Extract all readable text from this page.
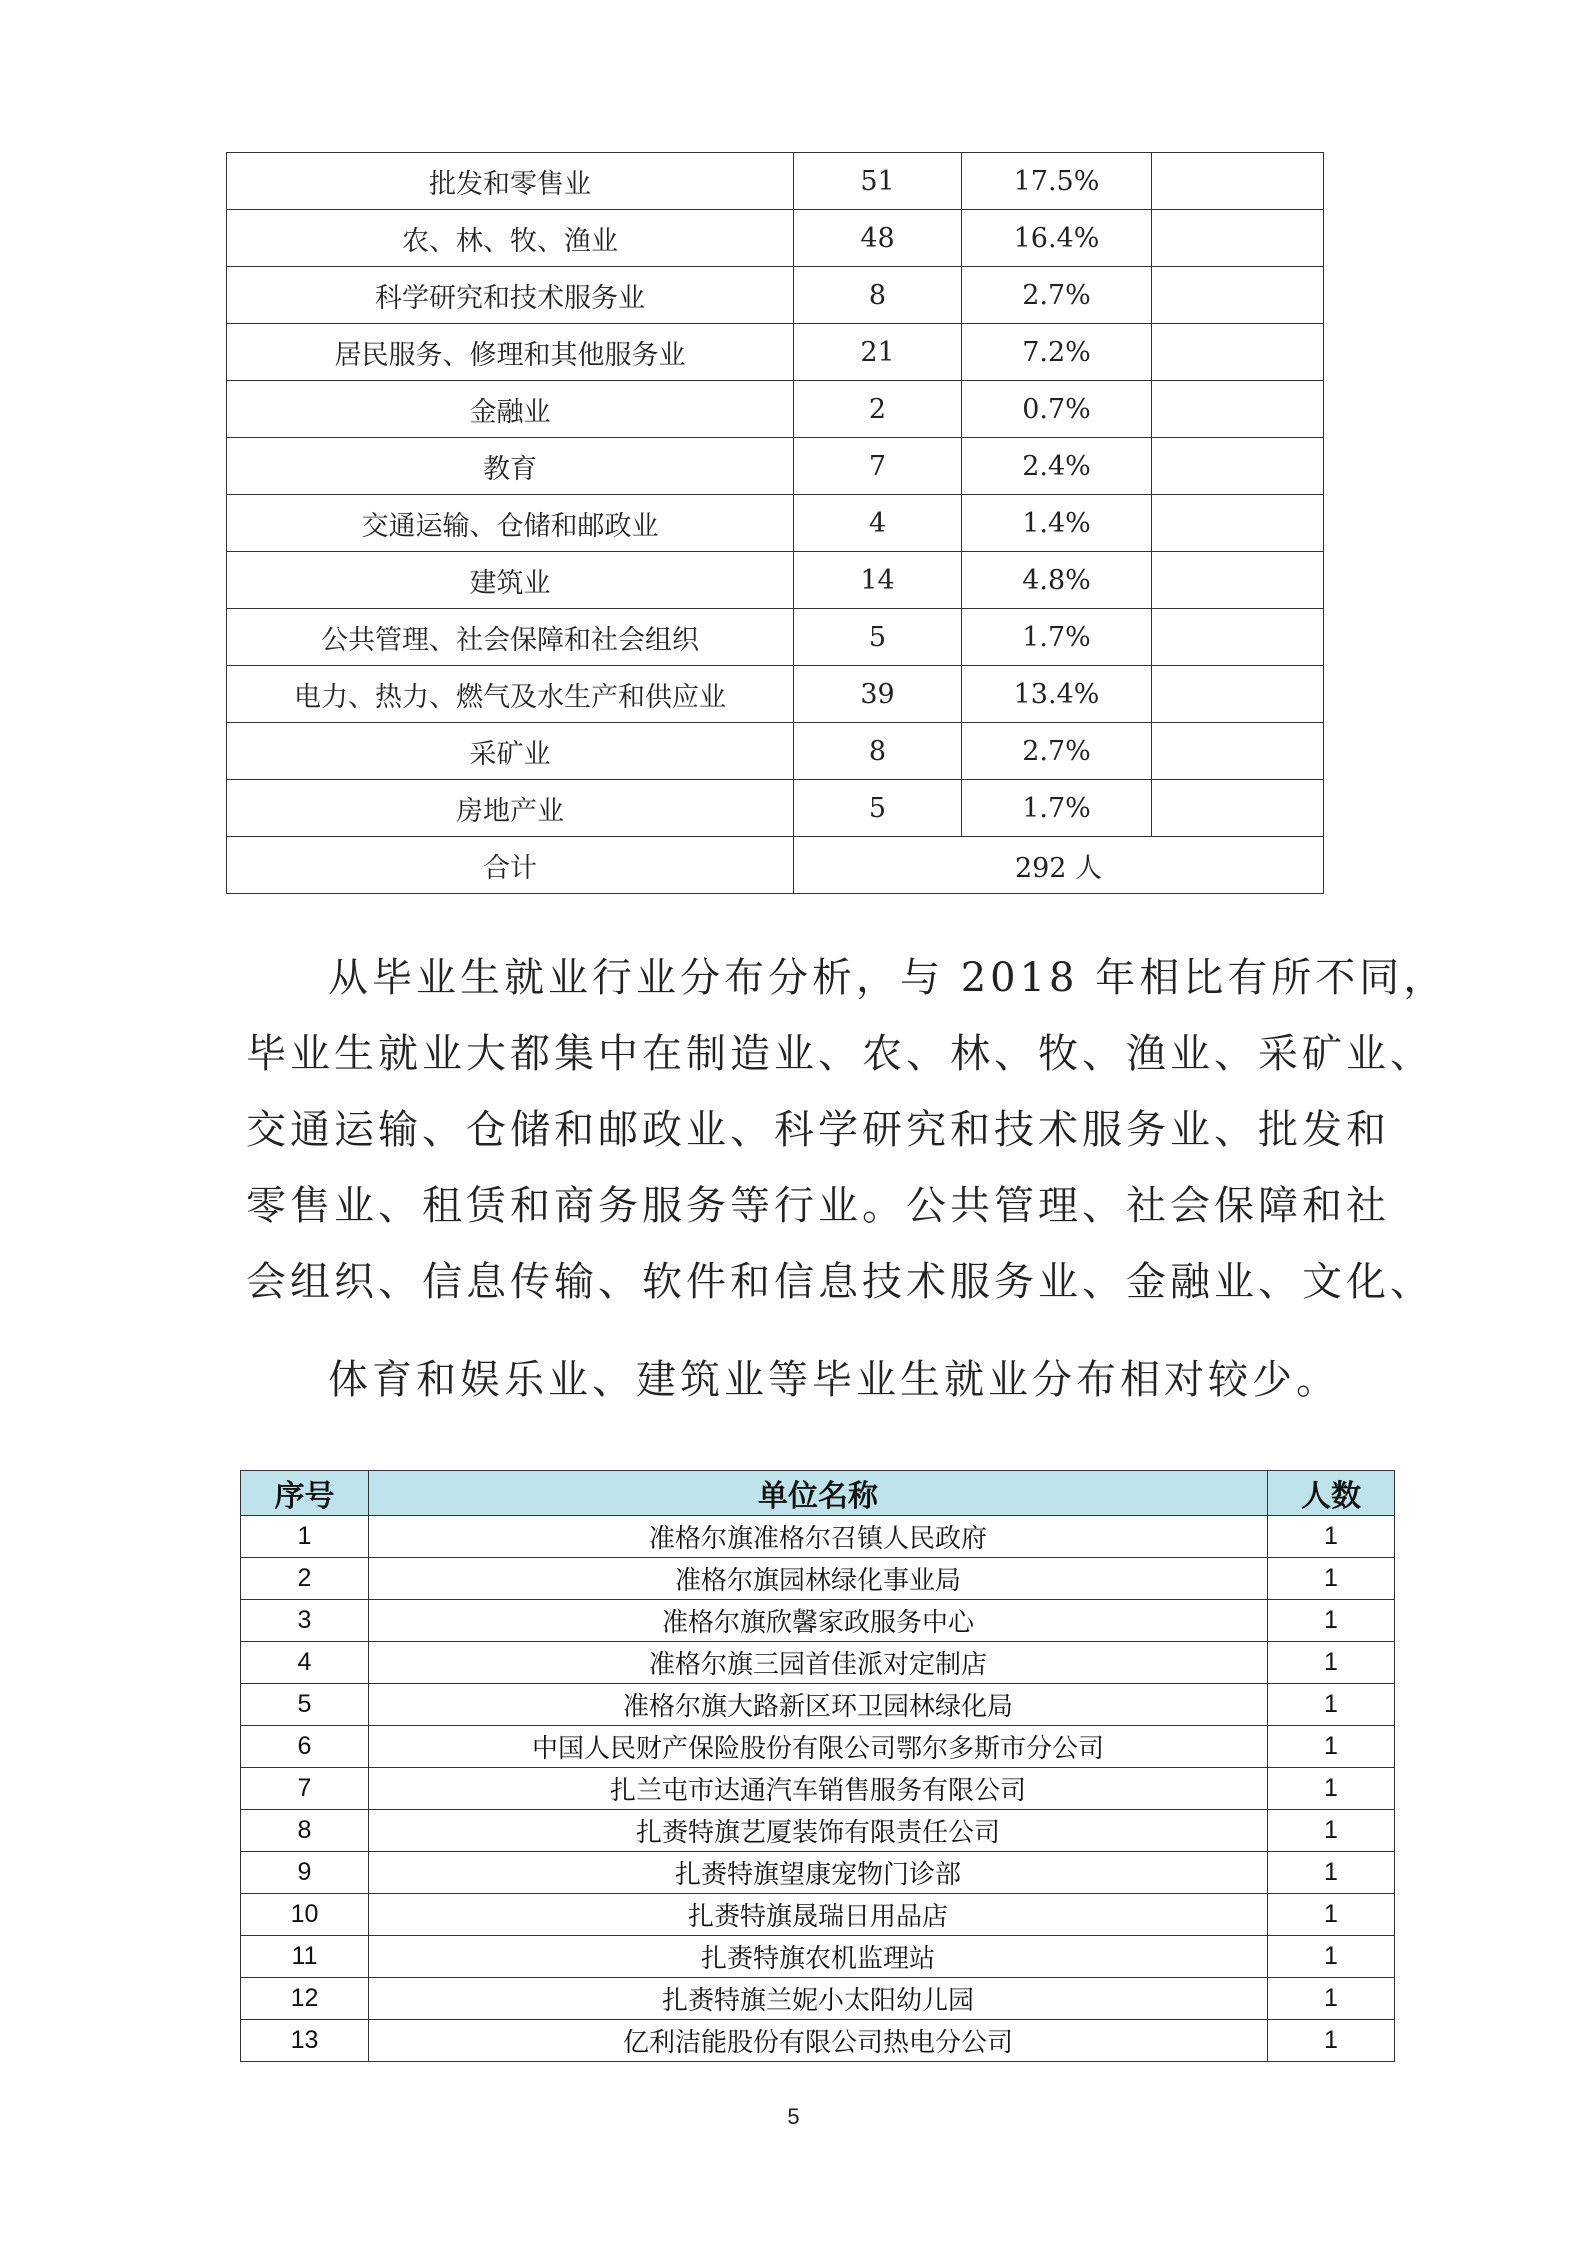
批发和零售业	51	17.5%	
农、林、牧、渔业	48	16.4%	
科学研究和技术服务业	8	2.7%	
居民服务、修理和其他服务业	21	7.2%	
金融业	2	0.7%	
教育	7	2.4%	
交通运输、仓储和邮政业	4	1.4%	
建筑业	14	4.8%	
公共管理、社会保障和社会组织	5	1.7%	
电力、热力、燃气及水生产和供应业	39	13.4%	
采矿业	8	2.7%	
房地产业	5	1.7%	
合计	292 人		

从毕业生就业行业分布分析，与 2018 年相比有所不同，

毕业生就业大都集中在制造业、农、林、牧、渔业、采矿业、

交通运输、仓储和邮政业、科学研究和技术服务业、批发和

零售业、租赁和商务服务等行业。公共管理、社会保障和社

会组织、信息传输、软件和信息技术服务业、金融业、文化、

体育和娱乐业、建筑业等毕业生就业分布相对较少。

序号	单位名称	人数
1	准格尔旗准格尔召镇人民政府	1
2	准格尔旗园林绿化事业局	1
3	准格尔旗欣馨家政服务中心	1
4	准格尔旗三园首佳派对定制店	1
5	准格尔旗大路新区环卫园林绿化局	1
6	中国人民财产保险股份有限公司鄂尔多斯市分公司	1
7	扎兰屯市达通汽车销售服务有限公司	1
8	扎赉特旗艺厦装饰有限责任公司	1
9	扎赉特旗望康宠物门诊部	1
10	扎赉特旗晟瑞日用品店	1
11	扎赉特旗农机监理站	1
12	扎赉特旗兰妮小太阳幼儿园	1
13	亿利洁能股份有限公司热电分公司	1
5
